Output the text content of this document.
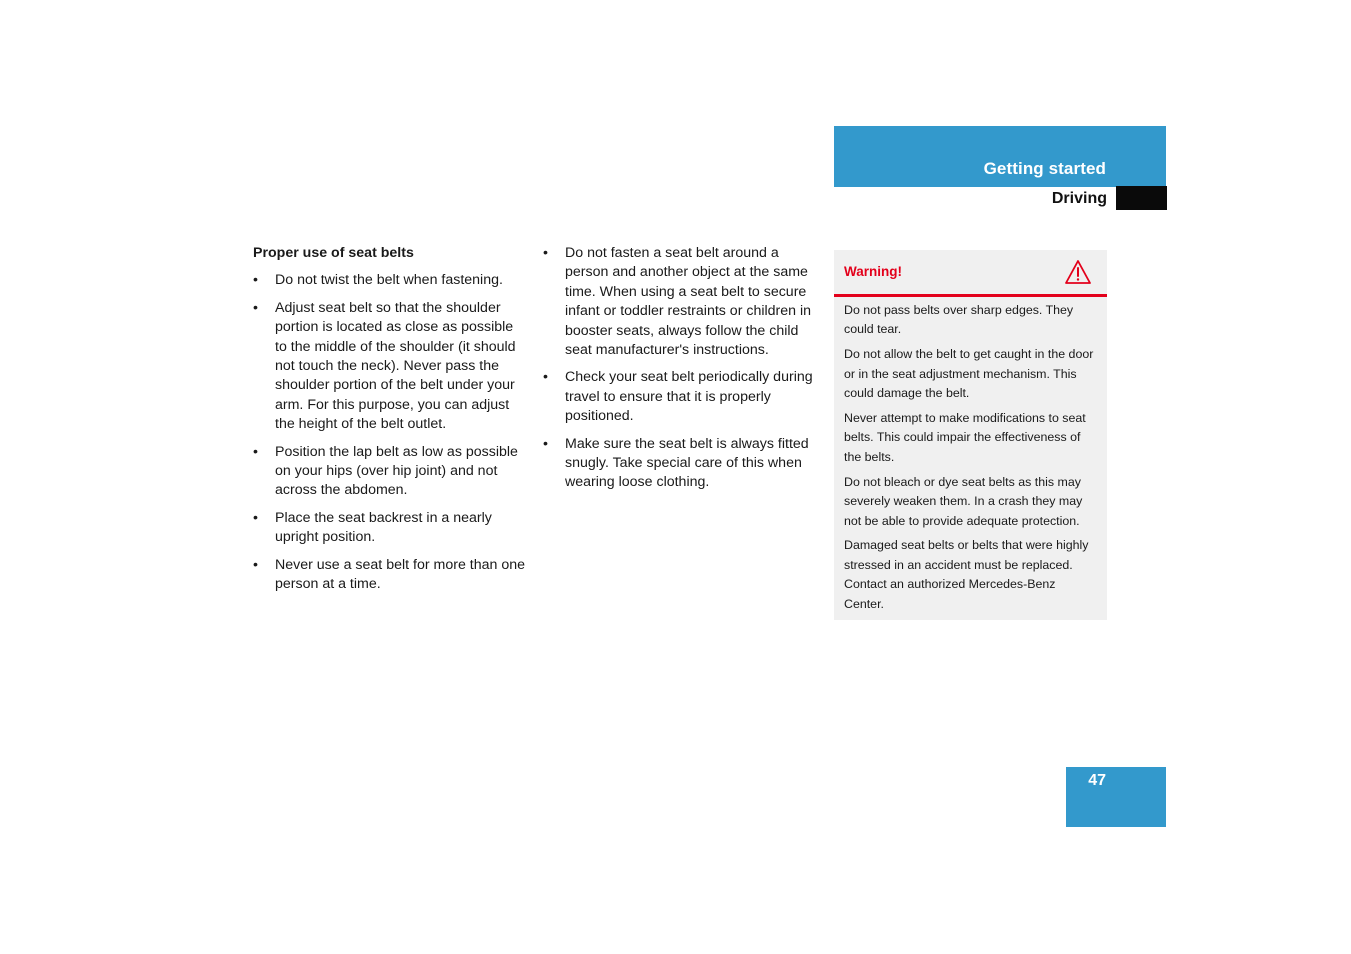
Getting started
Driving
Proper use of seat belts
•	Do not twist the belt when fastening.
•	Adjust seat belt so that the shoulder portion is located as close as possible to the middle of the shoulder (it should not touch the neck). Never pass the shoulder portion of the belt under your arm. For this purpose, you can adjust the height of the belt outlet.
•	Position the lap belt as low as possible on your hips (over hip joint) and not across the abdomen.
•	Place the seat backrest in a nearly upright position.
•	Never use a seat belt for more than one person at a time.
•	Do not fasten a seat belt around a person and another object at the same time. When using a seat belt to secure infant or toddler restraints or children in booster seats, always follow the child seat manufacturer's instructions.
•	Check your seat belt periodically during travel to ensure that it is properly positioned.
•	Make sure the seat belt is always fitted snugly. Take special care of this when wearing loose clothing.
Warning!

Do not pass belts over sharp edges. They could tear.

Do not allow the belt to get caught in the door or in the seat adjustment mechanism. This could damage the belt.

Never attempt to make modifications to seat belts. This could impair the effectiveness of the belts.

Do not bleach or dye seat belts as this may severely weaken them. In a crash they may not be able to provide adequate protection.

Damaged seat belts or belts that were highly stressed in an accident must be replaced. Contact an authorized Mercedes-Benz Center.

47
